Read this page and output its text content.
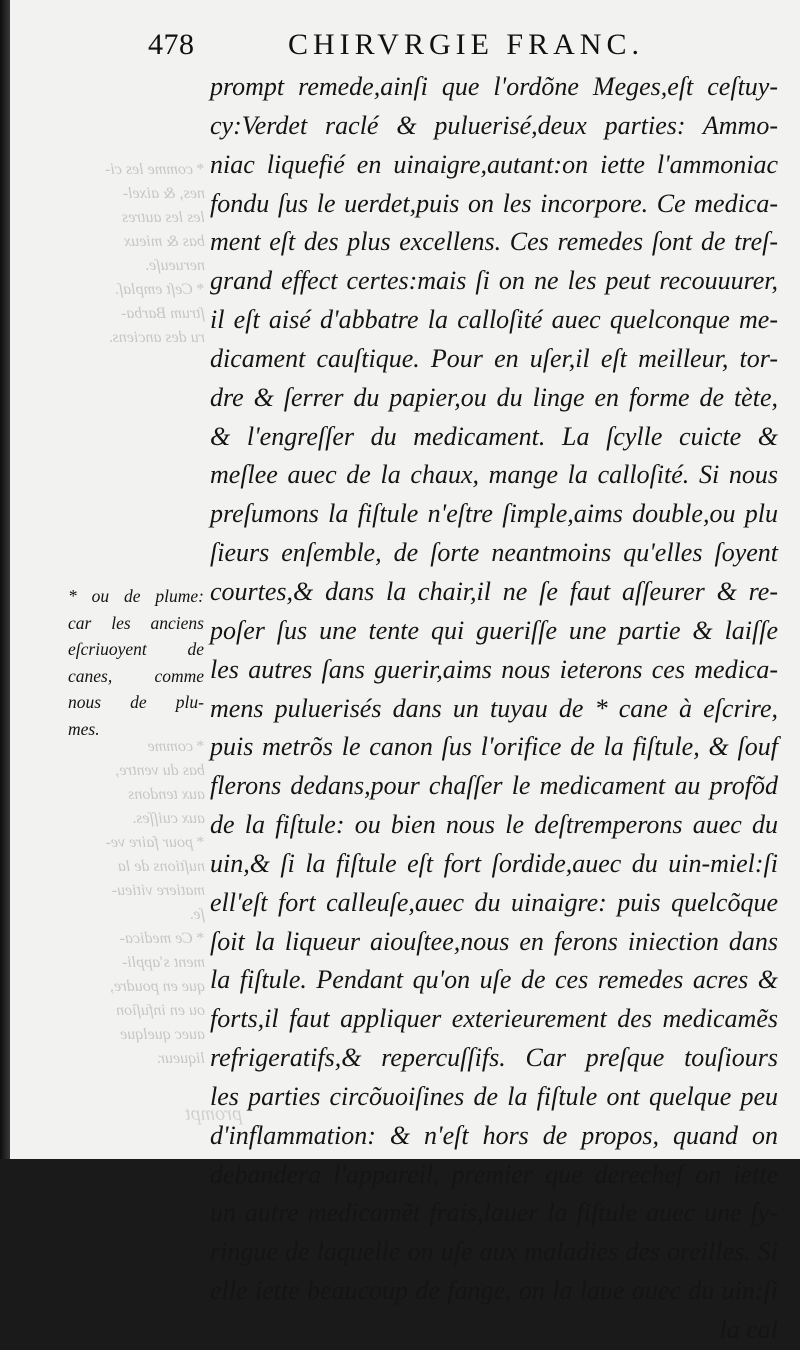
478	CHIRVRGIE FRANC.
* comme les ci-
nes, & aixel-
les les autres
bas & mieux
nerueuſe.
* Ceſt emplaſ.
ſtrum Barba-
ru des anciens.
* comme
bas du ventre,
aux tendons
aux cuiſſes.
* pour faire ve-
nuſtions de la
matiere vitieu-
ſe.
* Ce medica-
ment s'appli-
que en poudre,
ou en infuſion
auec quelque
liqueur.
prompt
* ou de plume:
car les anciens
eſcriuoyent de
canes, comme
nous de plu-
mes.
prompt remede,ainſi que l'ordõne Meges,eſt ceſtuy-
cy:Verdet raclé & puluerisé,deux parties: Ammo-
niac liquefié en uinaigre,autant:on iette l'ammoniac
fondu ſus le uerdet,puis on les incorpore. Ce medica-
ment eſt des plus excellens. Ces remedes ſont de treſ-
grand effect certes:mais ſi on ne les peut recouuurer,
il eſt aisé d'abbatre la calloſité auec quelconque me-
dicament cauſtique. Pour en uſer,il eſt meilleur, tor-
dre & ſerrer du papier,ou du linge en forme de tète,
& l'engreſſer du medicament. La ſcylle cuicte &
meſlee auec de la chaux, mange la calloſité. Si nous
preſumons la fiſtule n'eſtre ſimple,aims double,ou plu
ſieurs enſemble, de ſorte neantmoins qu'elles ſoyent
courtes,& dans la chair,il ne ſe faut aſſeurer & re-
poſer ſus une tente qui gueriſſe une partie & laiſſe
les autres ſans guerir,aims nous ieterons ces medica-
mens puluerisés dans un tuyau de * cane à eſcrire,
puis metrõs le canon ſus l'orifice de la fiſtule, & ſouf
flerons dedans,pour chaſſer le medicament au profõd
de la fiſtule: ou bien nous le deſtremperons auec du
uin,& ſi la fiſtule eſt fort ſordide,auec du uin-miel:ſi
ell'eſt fort calleuſe,auec du uinaigre: puis quelcõque
ſoit la liqueur aiouſtee,nous en ferons iniection dans
la fiſtule. Pendant qu'on uſe de ces remedes acres &
forts,il faut appliquer exterieurement des medicamẽs
refrigeratifs,& repercuſſifs. Car preſque touſiours
les parties circõuoiſines de la fiſtule ont quelque peu
d'inflammation: & n'eſt hors de propos, quand on
debandera l'appareil, premier que derechef on iette
un autre medicamẽt frais,lauer la fiſtule auec une ſy-
ringue de laquelle on uſe aux maladies des oreilles. Si
elle iette beaucoup de fange, on la laue auec du uin:ſi
la cal
